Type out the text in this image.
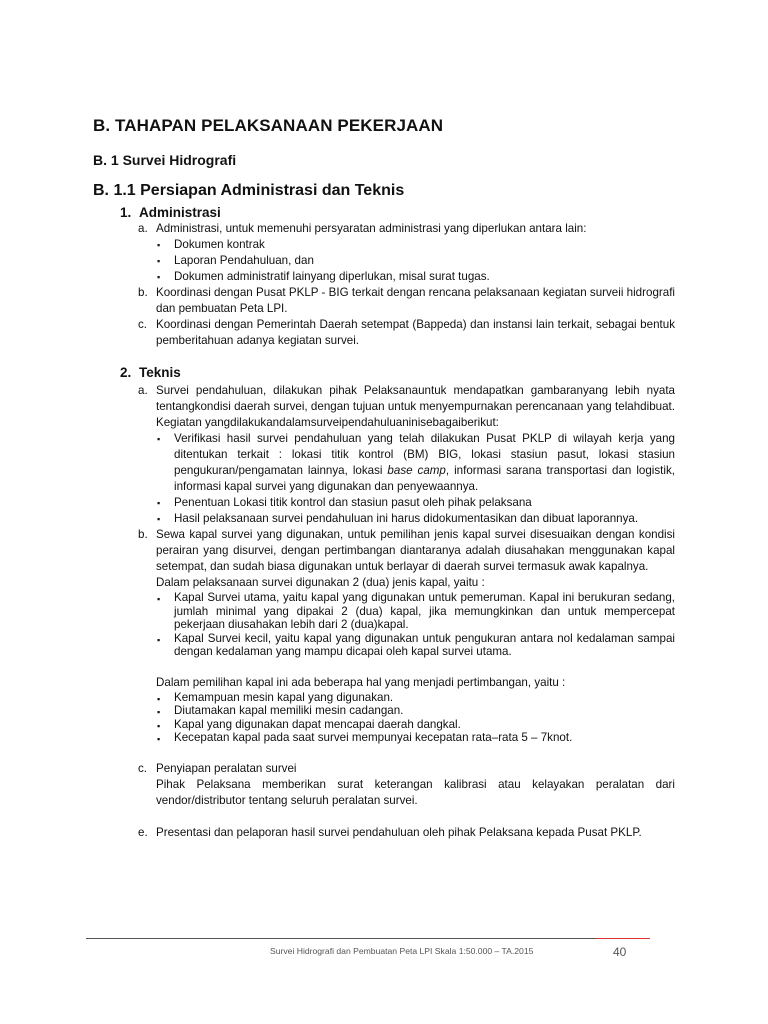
B. TAHAPAN PELAKSANAAN PEKERJAAN
B. 1 Survei Hidrografi
B. 1.1 Persiapan Administrasi dan Teknis
1. Administrasi
a. Administrasi, untuk memenuhi persyaratan administrasi yang diperlukan antara lain:
▪ Dokumen kontrak
▪ Laporan Pendahuluan, dan
▪ Dokumen administratif lainyang diperlukan, misal surat tugas.
b. Koordinasi dengan Pusat PKLP - BIG terkait dengan rencana pelaksanaan kegiatan surveii hidrografi dan pembuatan Peta LPI.
c. Koordinasi dengan Pemerintah Daerah setempat (Bappeda) dan instansi lain terkait, sebagai bentuk pemberitahuan adanya kegiatan survei.
2. Teknis
a. Survei pendahuluan, dilakukan pihak Pelaksanauntuk mendapatkan gambaranyang lebih nyata tentangkondisi daerah survei, dengan tujuan untuk menyempurnakan perencanaan yang telahdibuat. Kegiatan yangdilakukandalamsurveipendahuluaninisebagaiberikut:
▪ Verifikasi hasil survei pendahuluan yang telah dilakukan Pusat PKLP di wilayah kerja yang ditentukan terkait : lokasi titik kontrol (BM) BIG, lokasi stasiun pasut, lokasi stasiun pengukuran/pengamatan lainnya, lokasi base camp, informasi sarana transportasi dan logistik, informasi kapal survei yang digunakan dan penyewaannya.
▪ Penentuan Lokasi titik kontrol dan stasiun pasut oleh pihak pelaksana
▪ Hasil pelaksanaan survei pendahuluan ini harus didokumentasikan dan dibuat laporannya.
b. Sewa kapal survei yang digunakan, untuk pemilihan jenis kapal survei disesuaikan dengan kondisi perairan yang disurvei, dengan pertimbangan diantaranya adalah diusahakan menggunakan kapal setempat, dan sudah biasa digunakan untuk berlayar di daerah survei termasuk awak kapalnya.
Dalam pelaksanaan survei digunakan 2 (dua) jenis kapal, yaitu :
▪ Kapal Survei utama, yaitu kapal yang digunakan untuk pemeruman. Kapal ini berukuran sedang, jumlah minimal yang dipakai 2 (dua) kapal, jika memungkinkan dan untuk mempercepat pekerjaan diusahakan lebih dari 2 (dua)kapal.
▪ Kapal Survei kecil, yaitu kapal yang digunakan untuk pengukuran antara nol kedalaman sampai dengan kedalaman yang mampu dicapai oleh kapal survei utama.
Dalam pemilihan kapal ini ada beberapa hal yang menjadi pertimbangan, yaitu :
▪ Kemampuan mesin kapal yang digunakan.
▪ Diutamakan kapal memiliki mesin cadangan.
▪ Kapal yang digunakan dapat mencapai daerah dangkal.
▪ Kecepatan kapal pada saat survei mempunyai kecepatan rata–rata 5 – 7knot.
c. Penyiapan peralatan survei
Pihak Pelaksana memberikan surat keterangan kalibrasi atau kelayakan peralatan dari vendor/distributor tentang seluruh peralatan survei.
e. Presentasi dan pelaporan hasil survei pendahuluan oleh pihak Pelaksana kepada Pusat PKLP.
Survei Hidrografi dan Pembuatan Peta LPI Skala 1:50.000 – TA.2015	40
